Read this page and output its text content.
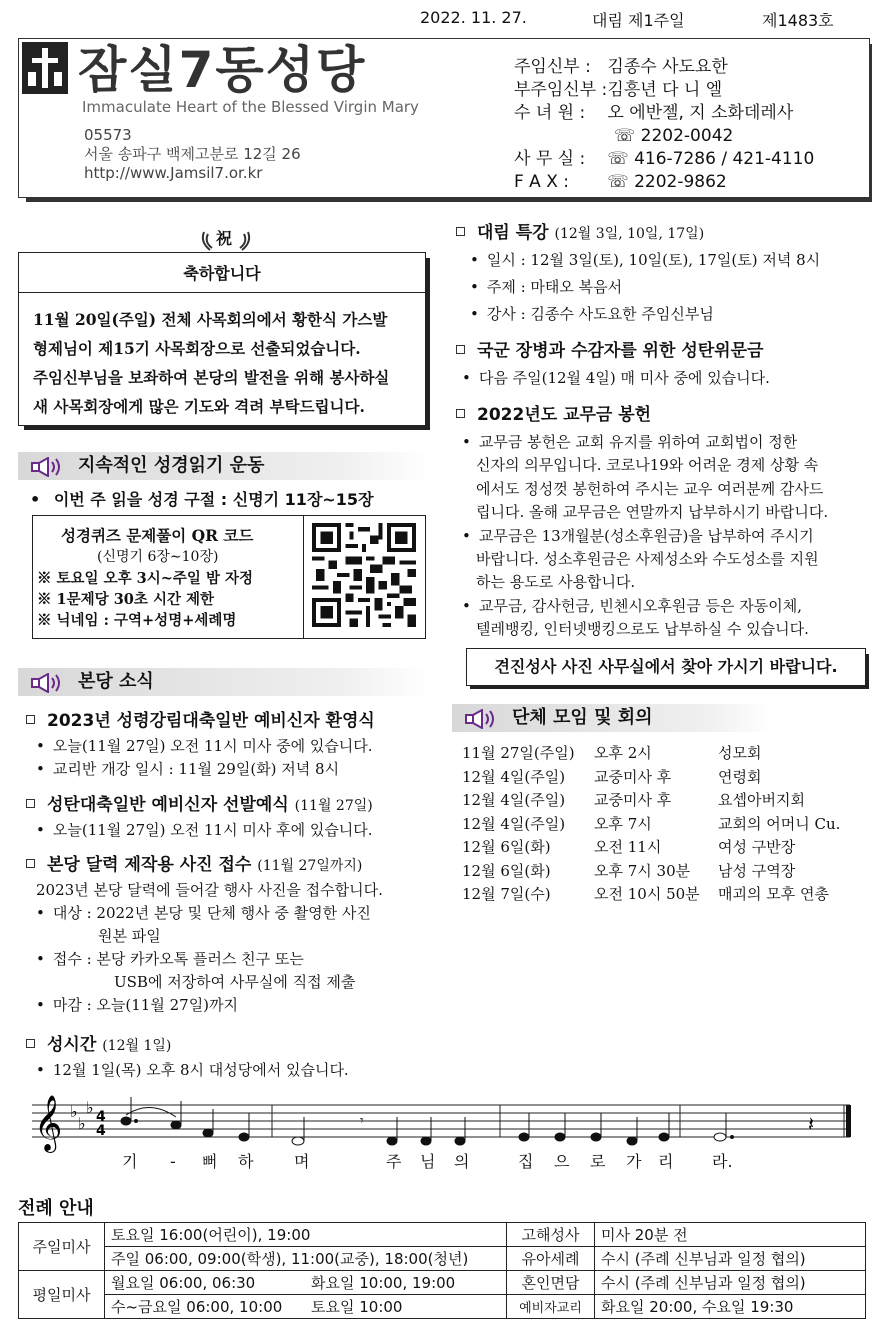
2022. 11. 27.	대림 제1주일	제1483호
잠실7동성당
Immaculate Heart of the Blessed Virgin Mary
05573
서울 송파구 백제고분로 12길 26
http://www.Jamsil7.or.kr
주임신부 : 김종수 사도요한
부주임신부 : 김흥년 다 니 엘
수 녀 원 : 오 에반젤, 지 소화데레사
☏ 2202-0042
사 무 실 : ☏ 416-7286 / 421-4110
F A X : ☏ 2202-9862
祝
축하합니다
11월 20일(주일) 전체 사목회의에서 황한식 가스발
형제님이 제15기 사목회장으로 선출되었습니다.
주임신부님을 보좌하여 본당의 발전을 위해 봉사하실
새 사목회장에게 많은 기도와 격려 부탁드립니다.
지속적인 성경읽기 운동
• 이번 주 읽을 성경 구절 : 신명기 11장∼15장
성경퀴즈 문제풀이 QR 코드
(신명기 6장∼10장)
※ 토요일 오후 3시~주일 밤 자정
※ 1문제당 30초 시간 제한
※ 닉네임 : 구역+성명+세례명
본당 소식
2023년 성령강림대축일반 예비신자 환영식
• 오늘(11월 27일) 오전 11시 미사 중에 있습니다.
• 교리반 개강 일시 : 11월 29일(화) 저녁 8시
성탄대축일반 예비신자 선발예식 (11월 27일)
• 오늘(11월 27일) 오전 11시 미사 후에 있습니다.
본당 달력 제작용 사진 접수 (11월 27일까지)
2023년 본당 달력에 들어갈 행사 사진을 접수합니다.
• 대상 : 2022년 본당 및 단체 행사 중 촬영한 사진
원본 파일
• 접수 : 본당 카카오톡 플러스 친구 또는
USB에 저장하여 사무실에 직접 제출
• 마감 : 오늘(11월 27일)까지
성시간 (12월 1일)
• 12월 1일(목) 오후 8시 대성당에서 있습니다.
대림 특강 (12월 3일, 10일, 17일)
• 일시 : 12월 3일(토), 10일(토), 17일(토) 저녁 8시
• 주제 : 마태오 복음서
• 강사 : 김종수 사도요한 주임신부님
국군 장병과 수감자를 위한 성탄위문금
• 다음 주일(12월 4일) 매 미사 중에 있습니다.
2022년도 교무금 봉헌
• 교무금 봉헌은 교회 유지를 위하여 교회법이 정한
신자의 의무입니다. 코로나19와 어려운 경제 상황 속
에서도 정성껏 봉헌하여 주시는 교우 여러분께 감사드
립니다. 올해 교무금은 연말까지 납부하시기 바랍니다.
• 교무금은 13개월분(성소후원금)을 납부하여 주시기
바랍니다. 성소후원금은 사제성소와 수도성소를 지원
하는 용도로 사용합니다.
• 교무금, 감사헌금, 빈첸시오후원금 등은 자동이체,
텔레뱅킹, 인터넷뱅킹으로도 납부하실 수 있습니다.
견진성사 사진 사무실에서 찾아 가시기 바랍니다.
단체 모임 및 회의
11월 27일(주일)	오후 2시	성모회
12월 4일(주일)	교중미사 후	연령회
12월 4일(주일)	교중미사 후	요셉아버지회
12월 4일(주일)	오후 7시	교회의 어머니 Cu.
12월 6일(화)	오전 11시	여성 구반장
12월 6일(화)	오후 7시 30분	남성 구역장
12월 7일(수)	오전 10시 50분	매괴의 모후 연총
𝄞 ♭
♭
♭ 4
4
𝄾	𝄽
기 - 뻐 하	며	주 님 의	집 으 로 가 리 라.
전례 안내
주일미사	토요일 16:00(어린이), 19:00	고해성사	미사 20분 전
	주일 06:00, 09:00(학생), 11:00(교중), 18:00(청년)	유아세례	수시 (주례 신부님과 일정 협의)
평일미사	월요일 06:00, 06:30 화요일 10:00, 19:00	혼인면담	수시 (주례 신부님과 일정 협의)
	수~금요일 06:00, 10:00 토요일 10:00	예비자교리	화요일 20:00, 수요일 19:30
